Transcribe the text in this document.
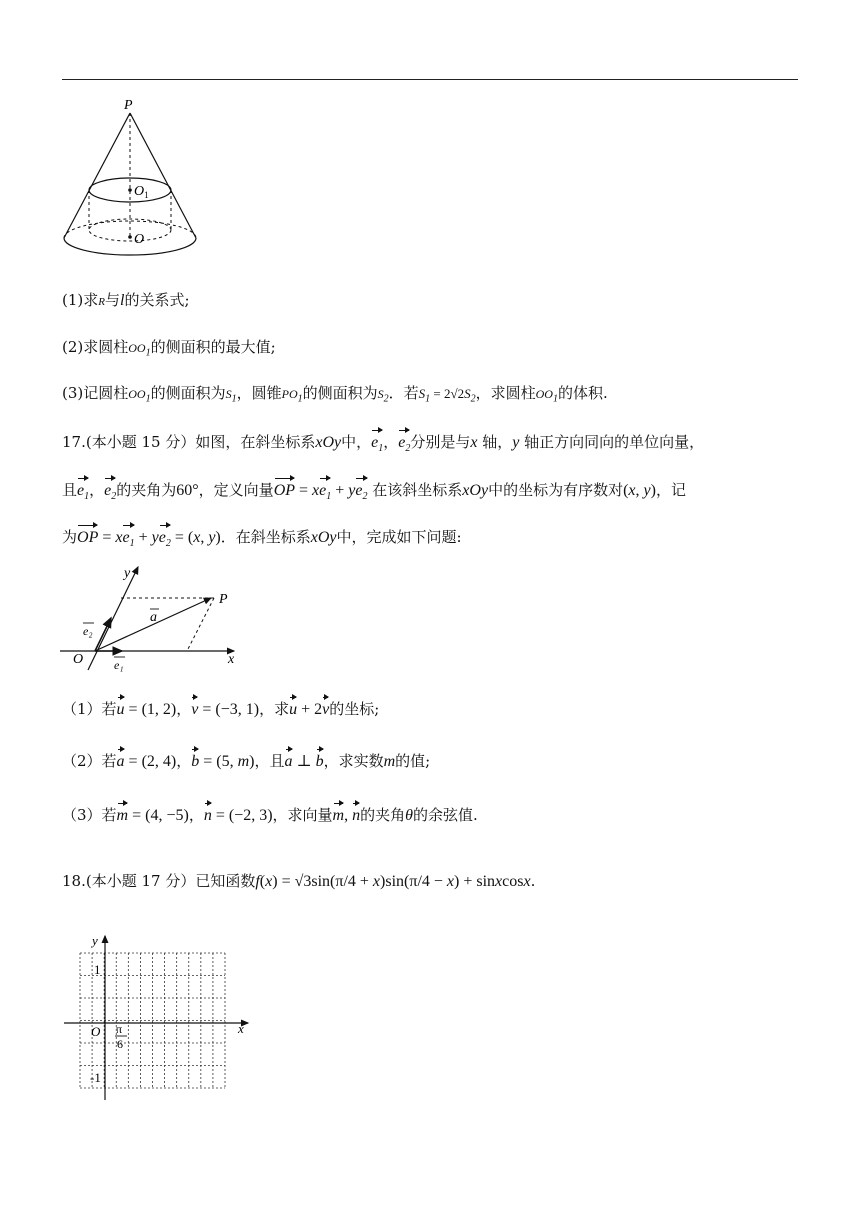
P
$O_1$
O
(1)求R与l的关系式;
(2)求圆柱$OO_1$的侧面积的最大值;
(3)记圆柱$OO_1$的侧面积为$S_1$，圆锥$PO_1$的侧面积为$S_2$．若$S_1 = 2√2S_2$，求圆柱$OO_1$的体积.
17.(本小题 15 分）如图，在斜坐标系xOy中，$e_1$，$e_2$分别是与x 轴，y 轴正方向同向的单位向量，
且$e_1$，$e_2$的夹角为60°，定义向量OP = $xe_1 + ye_2$ 在该斜坐标系xOy中的坐标为有序数对(x, y)，记
为OP = $xe_1 + ye_2 = (x$, y)．在斜坐标系xOy中，完成如下问题:
y
x
O
P
a
e₁
e₂
（1）若u = (1, 2)，v = (−3, 1)，求u + 2v的坐标;
（2）若a = (2, 4)，b = (5, m)，且a ⊥ b，求实数m的值;
（3）若m = (4, −5)，n = (−2, 3)，求向量m, n的夹角θ的余弦值.
18.(本小题 17 分）已知函数f(x) = √3sin(π/4 + x)sin(π/4 − x) + sinxcosx.
y
x
O
1
-1
π
6
